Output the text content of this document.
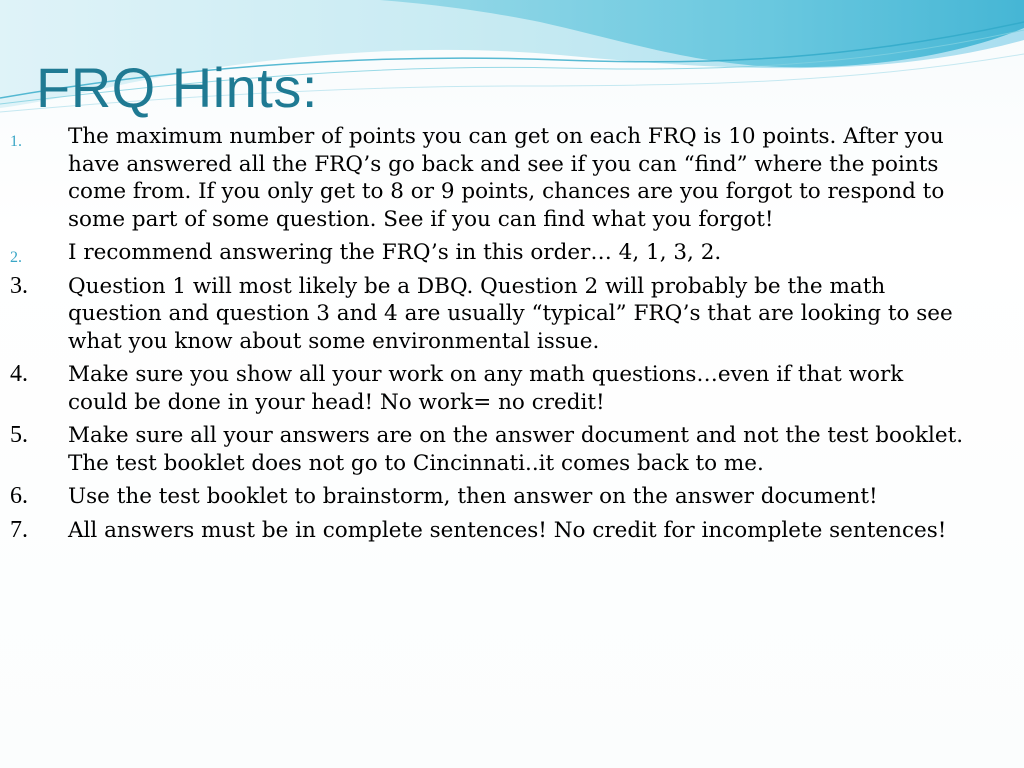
FRQ Hints:
1. The maximum number of points you can get on each FRQ is 10 points. After you have answered all the FRQ’s go back and see if you can “find” where the points come from. If you only get to 8 or 9 points, chances are you forgot to respond to some part of some question. See if you can find what you forgot!
2. I recommend answering the FRQ’s in this order… 4, 1, 3, 2.
3. Question 1 will most likely be a DBQ. Question 2 will probably be the math question and question 3 and 4 are usually “typical” FRQ’s that are looking to see what you know about some environmental issue.
4. Make sure you show all your work on any math questions…even if that work could be done in your head! No work= no credit!
5. Make sure all your answers are on the answer document and not the test booklet. The test booklet does not go to Cincinnati..it comes back to me.
6. Use the test booklet to brainstorm, then answer on the answer document!
7. All answers must be in complete sentences! No credit for incomplete sentences!
